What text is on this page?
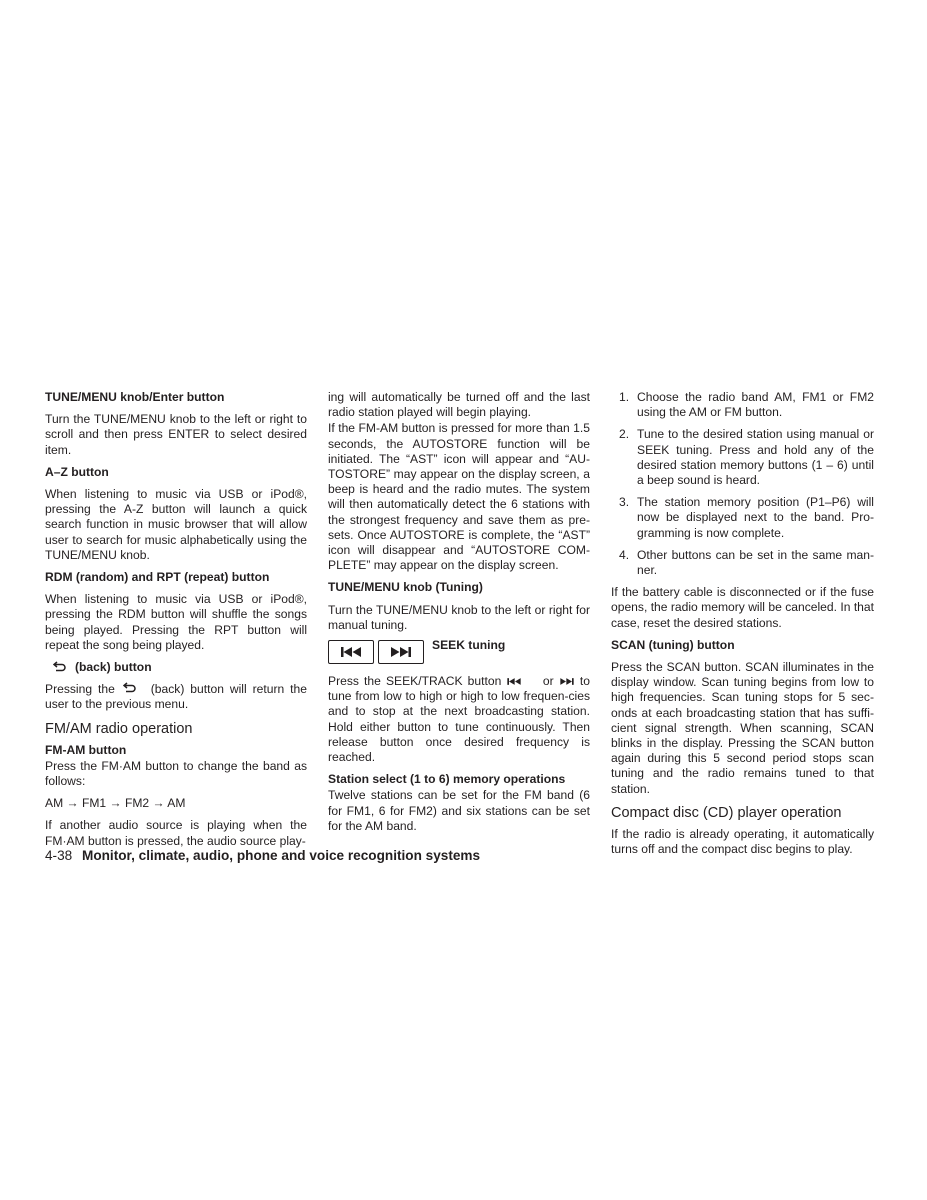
TUNE/MENU knob/Enter button

Turn the TUNE/MENU knob to the left or right to scroll and then press ENTER to select desired item.

A–Z button

When listening to music via USB or iPod®, pressing the A-Z button will launch a quick search function in music browser that will allow user to search for music alphabetically using the TUNE/MENU knob.

RDM (random) and RPT (repeat) button

When listening to music via USB or iPod®, pressing the RDM button will shuffle the songs being played. Pressing the RPT button will repeat the song being played.

(back) button

Pressing the	(back) button will return the user to the previous menu.

FM/AM radio operation
FM-AM button

Press the FM·AM button to change the band as follows:

AM → FM1 → FM2 → AM

If another audio source is playing when the FM·AM button is pressed, the audio source play-

ing will automatically be turned off and the last radio station played will begin playing.

If the FM-AM button is pressed for more than 1.5 seconds, the AUTOSTORE function will be initiated. The “AST” icon will appear and “AU-TOSTORE” may appear on the display screen, a beep is heard and the radio mutes. The system will then automatically detect the 6 stations with the strongest frequency and save them as pre-sets. Once AUTOSTORE is complete, the “AST” icon will disappear and “AUTOSTORE COM-PLETE” may appear on the display screen.

TUNE/MENU knob (Tuning)

Turn the TUNE/MENU knob to the left or right for manual tuning.

SEEK tuning

Press the SEEK/TRACK button	or to tune from low to high or high to low frequen-cies and to stop at the next broadcasting station. Hold either button to tune continuously. Then release button once desired frequency is reached.

Station select (1 to 6) memory operations

Twelve stations can be set for the FM band (6 for FM1, 6 for FM2) and six stations can be set for the AM band.

1. Choose the radio band AM, FM1 or FM2 using the AM or FM button.
2. Tune to the desired station using manual or SEEK tuning. Press and hold any of the desired station memory buttons (1 – 6) until a beep sound is heard.
3. The station memory position (P1–P6) will now be displayed next to the band. Pro-gramming is now complete.
4. Other buttons can be set in the same man-ner.

If the battery cable is disconnected or if the fuse opens, the radio memory will be canceled. In that case, reset the desired stations.

SCAN (tuning) button

Press the SCAN button. SCAN illuminates in the display window. Scan tuning begins from low to high frequencies. Scan tuning stops for 5 sec-onds at each broadcasting station that has suffi-cient signal strength. When scanning, SCAN blinks in the display. Pressing the SCAN button again during this 5 second period stops scan tuning and the radio remains tuned to that station.

Compact disc (CD) player operation

If the radio is already operating, it automatically turns off and the compact disc begins to play.

4-38 Monitor, climate, audio, phone and voice recognition systems
